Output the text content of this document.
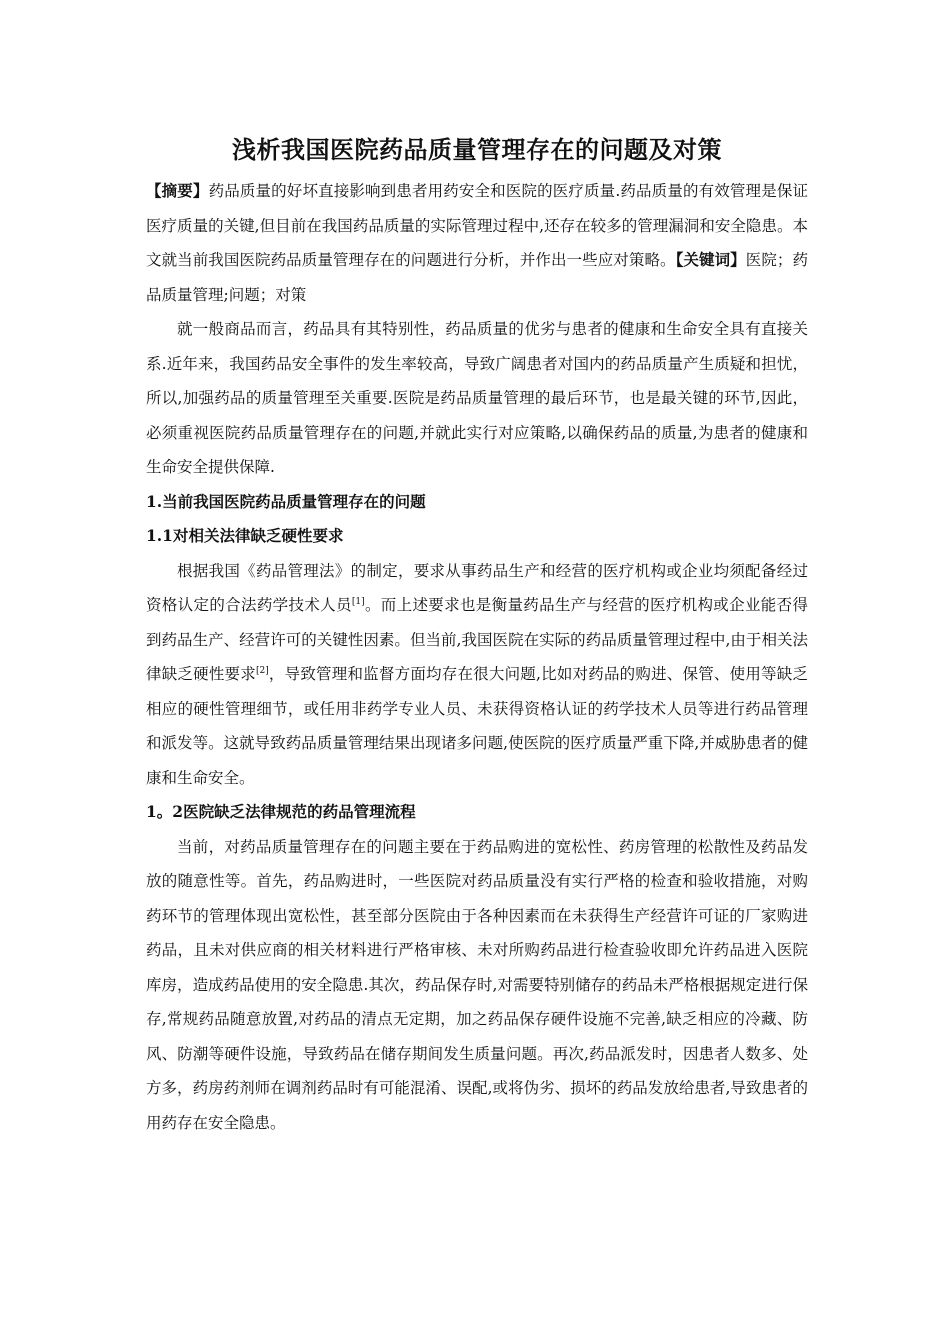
浅析我国医院药品质量管理存在的问题及对策

【摘要】药品质量的好坏直接影响到患者用药安全和医院的医疗质量.药品质量的有效管理是保证医疗质量的关键,但目前在我国药品质量的实际管理过程中,还存在较多的管理漏洞和安全隐患。本文就当前我国医院药品质量管理存在的问题进行分析，并作出一些应对策略。【关键词】医院；药品质量管理;问题；对策

就一般商品而言，药品具有其特别性，药品质量的优劣与患者的健康和生命安全具有直接关系.近年来，我国药品安全事件的发生率较高，导致广阔患者对国内的药品质量产生质疑和担忧，所以,加强药品的质量管理至关重要.医院是药品质量管理的最后环节，也是最关键的环节,因此，必须重视医院药品质量管理存在的问题,并就此实行对应策略,以确保药品的质量,为患者的健康和生命安全提供保障.

1.当前我国医院药品质量管理存在的问题

1.1对相关法律缺乏硬性要求

根据我国《药品管理法》的制定，要求从事药品生产和经营的医疗机构或企业均须配备经过资格认定的合法药学技术人员[1]。而上述要求也是衡量药品生产与经营的医疗机构或企业能否得到药品生产、经营许可的关键性因素。但当前,我国医院在实际的药品质量管理过程中,由于相关法律缺乏硬性要求[2]，导致管理和监督方面均存在很大问题,比如对药品的购进、保管、使用等缺乏相应的硬性管理细节，或任用非药学专业人员、未获得资格认证的药学技术人员等进行药品管理和派发等。这就导致药品质量管理结果出现诸多问题,使医院的医疗质量严重下降,并威胁患者的健康和生命安全。

1。2医院缺乏法律规范的药品管理流程

当前，对药品质量管理存在的问题主要在于药品购进的宽松性、药房管理的松散性及药品发放的随意性等。首先，药品购进时，一些医院对药品质量没有实行严格的检查和验收措施，对购药环节的管理体现出宽松性，甚至部分医院由于各种因素而在未获得生产经营许可证的厂家购进药品，且未对供应商的相关材料进行严格审核、未对所购药品进行检查验收即允许药品进入医院库房，造成药品使用的安全隐患.其次，药品保存时,对需要特别储存的药品未严格根据规定进行保存,常规药品随意放置,对药品的清点无定期，加之药品保存硬件设施不完善,缺乏相应的冷藏、防风、防潮等硬件设施，导致药品在储存期间发生质量问题。再次,药品派发时，因患者人数多、处方多，药房药剂师在调剂药品时有可能混淆、误配,或将伪劣、损坏的药品发放给患者,导致患者的用药存在安全隐患。
